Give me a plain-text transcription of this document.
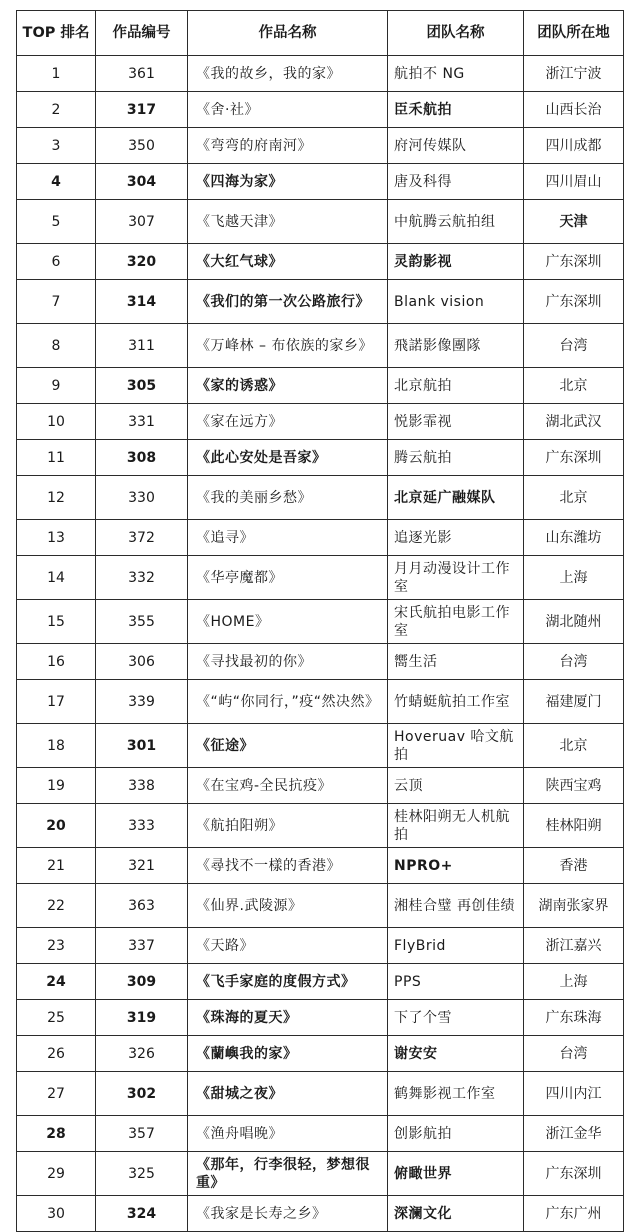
TOP 排名	作品编号	作品名称	团队名称	团队所在地
1	361	《我的故乡，我的家》	航拍不 NG	浙江宁波
2	317	《舍·社》	臣禾航拍	山西长治
3	350	《弯弯的府南河》	府河传媒队	四川成都
4	304	《四海为家》	唐及科得	四川眉山
5	307	《飞越天津》	中航腾云航拍组	天津
6	320	《大红气球》	灵韵影视	广东深圳
7	314	《我们的第一次公路旅行》	Blank vision	广东深圳
8	311	《万峰林 – 布依族的家乡》	飛諾影像團隊	台湾
9	305	《家的诱惑》	北京航拍	北京
10	331	《家在远方》	悦影霏视	湖北武汉
11	308	《此心安处是吾家》	腾云航拍	广东深圳
12	330	《我的美丽乡愁》	北京延广融媒队	北京
13	372	《追寻》	追逐光影	山东潍坊
14	332	《华亭魔都》	月月动漫设计工作室	上海
15	355	《HOME》	宋氏航拍电影工作室	湖北随州
16	306	《寻找最初的你》	嚮生活	台湾
17	339	《“屿“你同行，”疫“然决然》	竹蜻蜓航拍工作室	福建厦门
18	301	《征途》	Hoveruav 哈文航拍	北京
19	338	《在宝鸡-全民抗疫》	云顶	陕西宝鸡
20	333	《航拍阳朔》	桂林阳朔无人机航拍	桂林阳朔
21	321	《尋找不一樣的香港》	NPRO+	香港
22	363	《仙界.武陵源》	湘桂合璧 再创佳绩	湖南张家界
23	337	《天路》	FlyBrid	浙江嘉兴
24	309	《飞手家庭的度假方式》	PPS	上海
25	319	《珠海的夏天》	下了个雪	广东珠海
26	326	《蘭嶼我的家》	谢安安	台湾
27	302	《甜城之夜》	鹤舞影视工作室	四川内江
28	357	《渔舟唱晚》	创影航拍	浙江金华
29	325	《那年，行李很轻，梦想很重》	俯瞰世界	广东深圳
30	324	《我家是长寿之乡》	深澜文化	广东广州
